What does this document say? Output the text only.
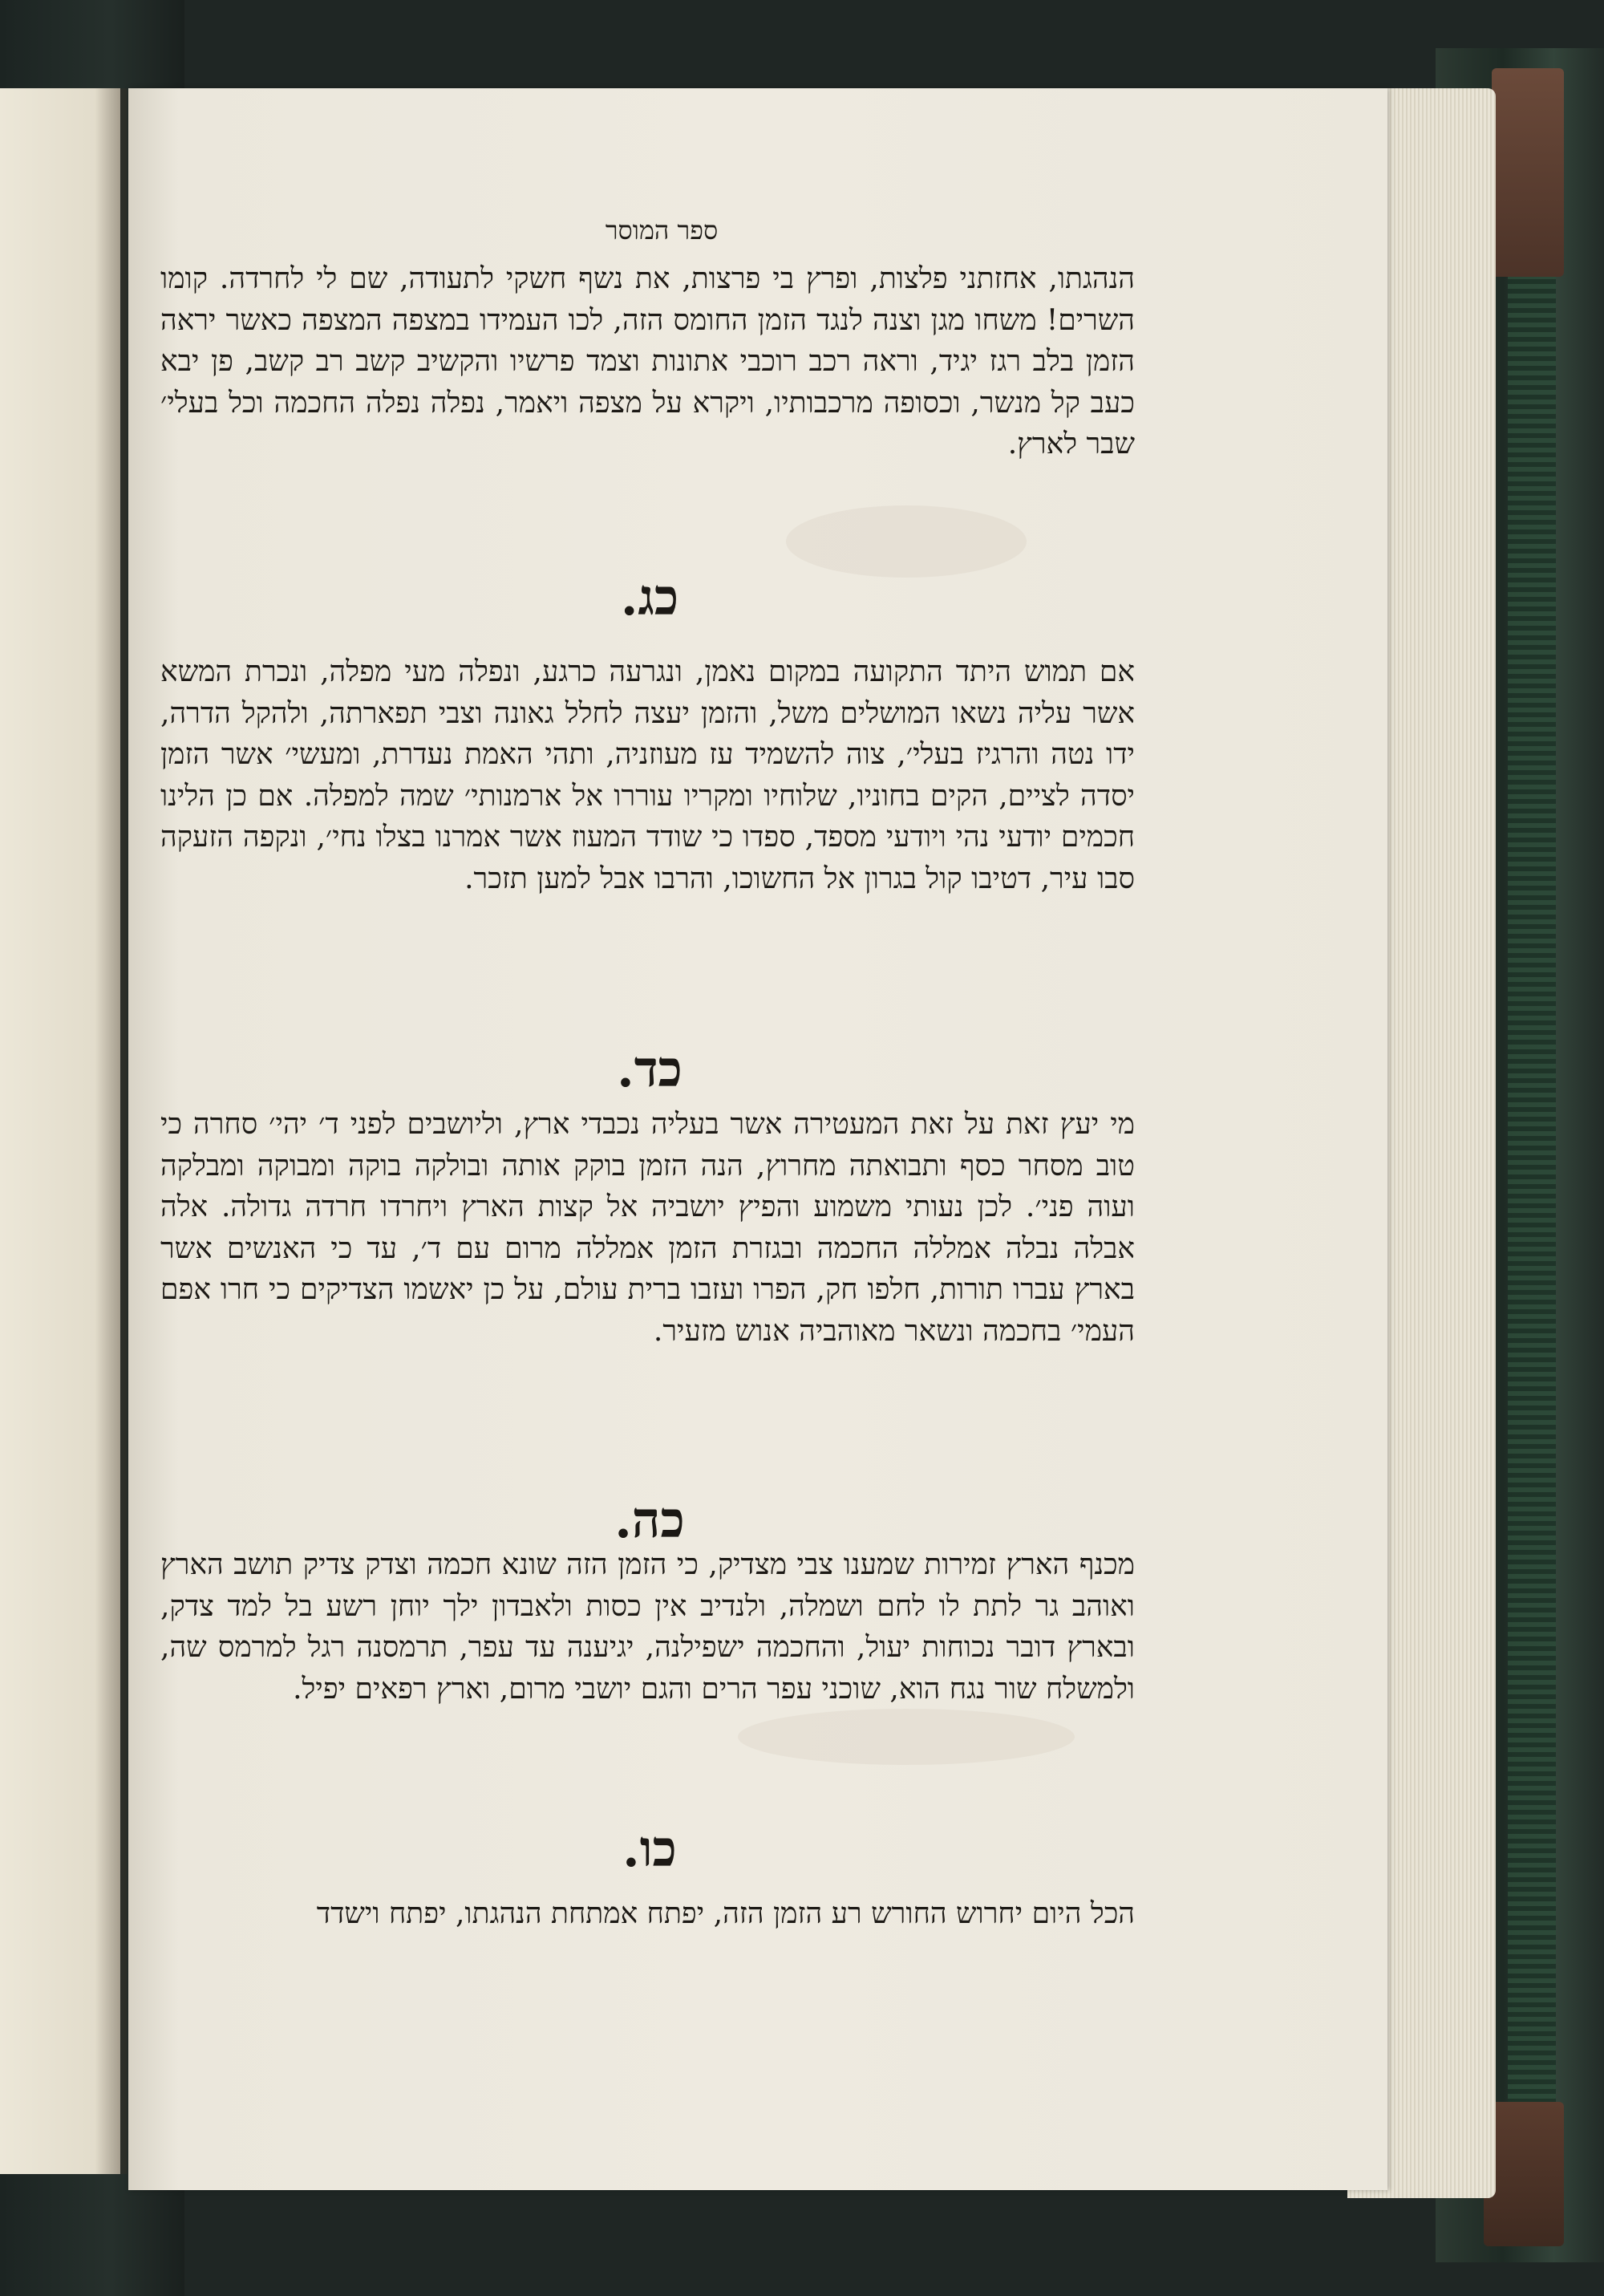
ספר המוסר

הנהגתו, אחזתני פלצות, ופרץ בי פרצות, את נשף חשקי לתעודה, שם לי לחרדה. קומו השרים! משחו מגן וצנה לנגד הזמן החומס הזה, לכו העמידו במצפה המצפה כאשר יראה הזמן בלב רגז יגיד, וראה רכב רוכבי אתונות וצמד פרשיו והקשיב קשב רב קשב, פן יבא כעב קל מנשר, וכסופה מרכבותיו, ויקרא על מצפה ויאמר, נפלה נפלה החכמה וכל בעלי׳ שבר לארץ.

כג.

אם תמוש היתד התקועה במקום נאמן, ונגרעה כרגע, ונפלה מעי מפלה, ונכרת המשא אשר עליה נשאו המושלים משל, והזמן יעצה לחלל גאונה וצבי תפארתה, ולהקל הדרה, ידו נטה והרגיז בעלי׳, צוה להשמיד עז מעוזניה, ותהי האמת נעדרת, ומעשי׳ אשר הזמן יסדה לציים, הקים בחוניו, שלוחיו ומקריו עוררו אל ארמנותי׳ שמה למפלה. אם כן הלינו חכמים יודעי נהי ויודעי מספד, ספדו כי שודד המעוז אשר אמרנו בצלו נחי׳, ונקפה הזעקה סבו עיר, דטיבו קול בגרון אל החשוכו, והרבו אבל למען תזכר.

כד.

מי יעץ זאת על זאת המעטירה אשר בעליה נכבדי ארץ, וליושבים לפני ד׳ יהי׳ סחרה כי טוב מסחר כסף ותבואתה מחרוץ, הנה הזמן בוקק אותה ובולקה בוקה ומבוקה ומבלקה ועוה פני׳. לכן נעותי משמוע והפיץ יושביה אל קצות הארץ ויחרדו חרדה גדולה. אלה אבלה נבלה אמללה החכמה ובגזרת הזמן אמללה מרום עם ד׳, עד כי האנשים אשר בארץ עברו תורות, חלפו חק, הפרו ועזבו ברית עולם, על כן יאשמו הצדיקים כי חרו אפם העמי׳ בחכמה ונשאר מאוהביה אנוש מזעיר.

כה.

מכנף הארץ זמירות שמענו צבי מצדיק, כי הזמן הזה שונא חכמה וצדק צדיק תושב הארץ ואוהב גר לתת לו לחם ושמלה, ולנדיב אין כסות ולאבדון ילך יוחן רשע בל למד צדק, ובארץ דובר נכוחות יעול, והחכמה ישפילנה, יגיענה עד עפר, תרמסנה רגל למרמס שה, ולמשלח שור נגח הוא, שוכני עפר הרים והגם יושבי מרום, וארץ רפאים יפיל.

כו.

הכל היום יחרוש החורש רע הזמן הזה, יפתח אמתחת הנהגתו, יפתח וישדד
